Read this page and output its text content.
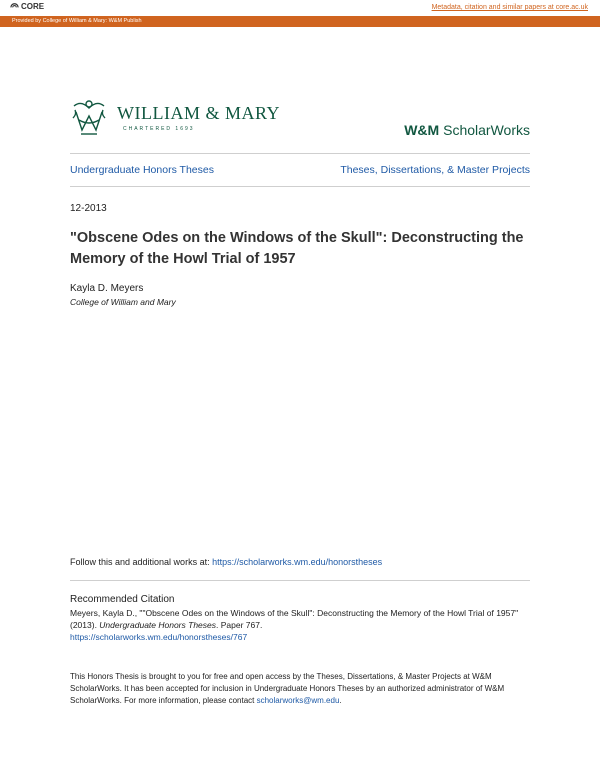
CORE	Metadata, citation and similar papers at core.ac.uk
Provided by College of William & Mary: W&M Publish
WILLIAM & MARY
CHARTERED 1693	W&M ScholarWorks
Undergraduate Honors Theses	Theses, Dissertations, & Master Projects
12-2013
"Obscene Odes on the Windows of the Skull": Deconstructing the Memory of the Howl Trial of 1957
Kayla D. Meyers
College of William and Mary
Follow this and additional works at: https://scholarworks.wm.edu/honorstheses
Recommended Citation
Meyers, Kayla D., ""Obscene Odes on the Windows of the Skull": Deconstructing the Memory of the Howl Trial of 1957" (2013). Undergraduate Honors Theses. Paper 767.
https://scholarworks.wm.edu/honorstheses/767
This Honors Thesis is brought to you for free and open access by the Theses, Dissertations, & Master Projects at W&M ScholarWorks. It has been accepted for inclusion in Undergraduate Honors Theses by an authorized administrator of W&M ScholarWorks. For more information, please contact scholarworks@wm.edu.
